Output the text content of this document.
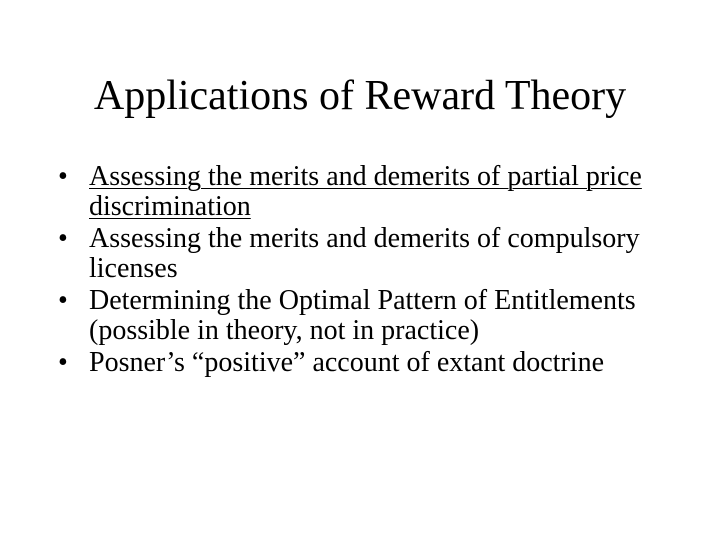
Applications of Reward Theory
• Assessing the merits and demerits of partial price discrimination
• Assessing the merits and demerits of compulsory licenses
• Determining the Optimal Pattern of Entitlements (possible in theory, not in practice)
• Posner’s “positive” account of extant doctrine
